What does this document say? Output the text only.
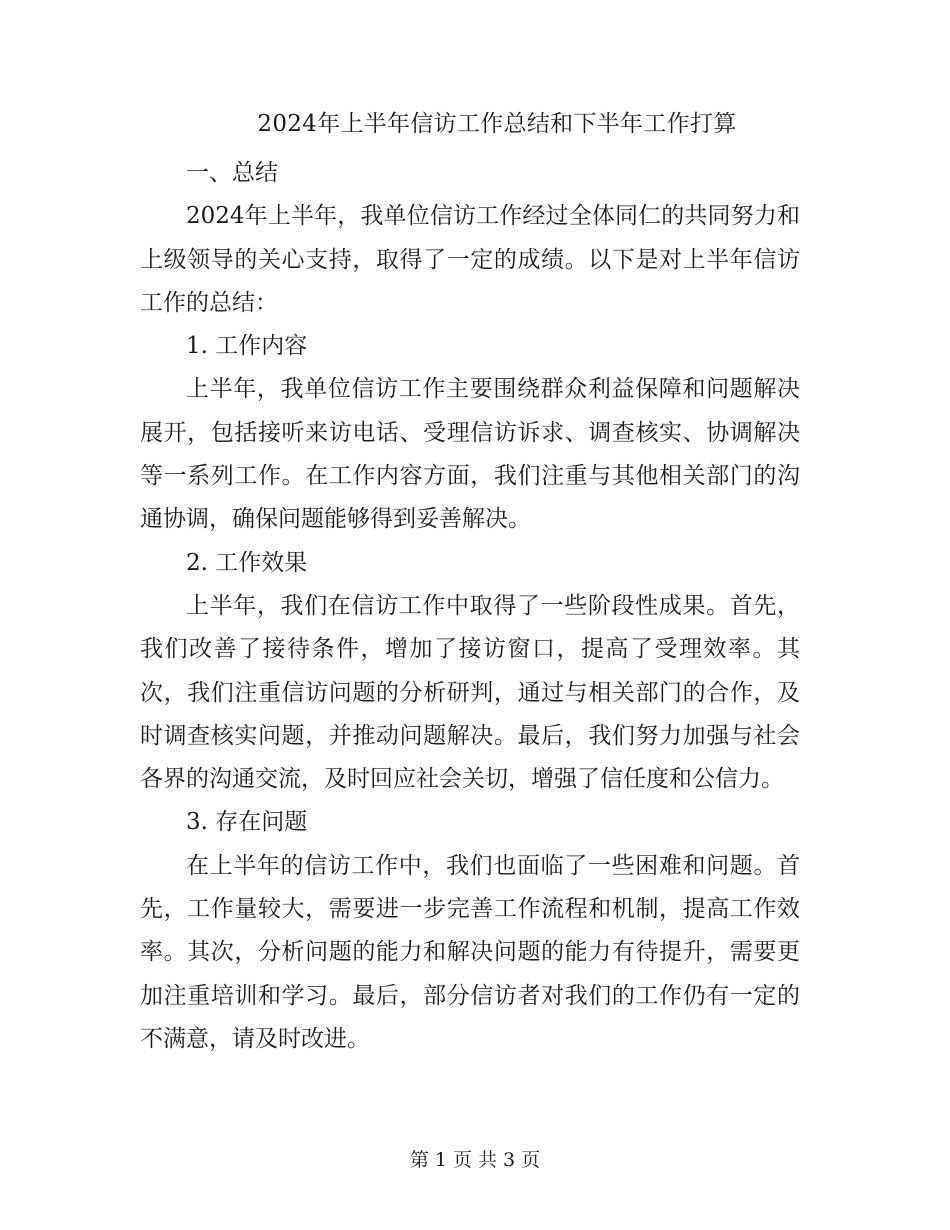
2024年上半年信访工作总结和下半年工作打算

一、总结

2024年上半年，我单位信访工作经过全体同仁的共同努力和上级领导的关心支持，取得了一定的成绩。以下是对上半年信访工作的总结：

1. 工作内容

上半年，我单位信访工作主要围绕群众利益保障和问题解决展开，包括接听来访电话、受理信访诉求、调查核实、协调解决等一系列工作。在工作内容方面，我们注重与其他相关部门的沟通协调，确保问题能够得到妥善解决。

2. 工作效果

上半年，我们在信访工作中取得了一些阶段性成果。首先，我们改善了接待条件，增加了接访窗口，提高了受理效率。其次，我们注重信访问题的分析研判，通过与相关部门的合作，及时调查核实问题，并推动问题解决。最后，我们努力加强与社会各界的沟通交流，及时回应社会关切，增强了信任度和公信力。

3. 存在问题

在上半年的信访工作中，我们也面临了一些困难和问题。首先，工作量较大，需要进一步完善工作流程和机制，提高工作效率。其次，分析问题的能力和解决问题的能力有待提升，需要更加注重培训和学习。最后，部分信访者对我们的工作仍有一定的不满意，请及时改进。

第 1 页 共 3 页
